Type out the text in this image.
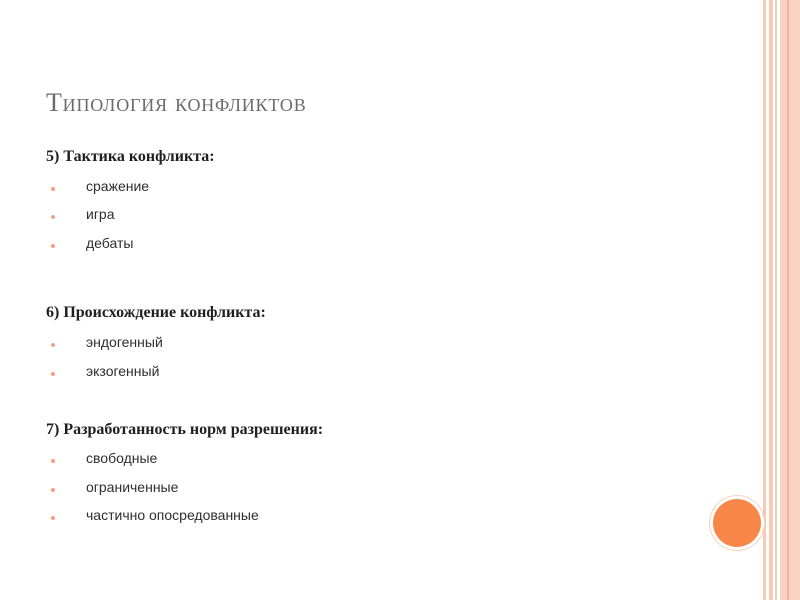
Типология конфликтов
5) Тактика конфликта:
сражение
игра
дебаты
6) Происхождение конфликта:
эндогенный
экзогенный
7) Разработанность норм разрешения:
свободные
ограниченные
частично опосредованные
